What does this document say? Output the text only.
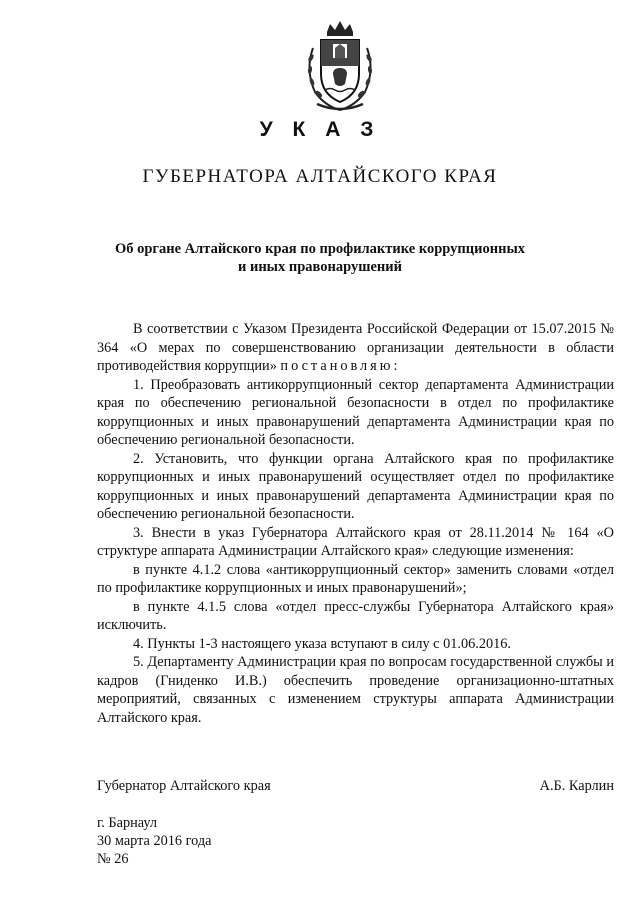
У К А З
ГУБЕРНАТОРА АЛТАЙСКОГО КРАЯ
Об органе Алтайского края по профилактике коррупционных
и иных правонарушений

В соответствии с Указом Президента Российской Федерации от 15.07.2015 № 364 «О мерах по совершенствованию организации деятельности в области противодействия коррупции» постановляю:

1. Преобразовать антикоррупционный сектор департамента Администрации края по обеспечению региональной безопасности в отдел по профилактике коррупционных и иных правонарушений департамента Администрации края по обеспечению региональной безопасности.

2. Установить, что функции органа Алтайского края по профилактике коррупционных и иных правонарушений осуществляет отдел по профилактике коррупционных и иных правонарушений департамента Администрации края по обеспечению региональной безопасности.

3. Внести в указ Губернатора Алтайского края от 28.11.2014 № 164 «О структуре аппарата Администрации Алтайского края» следующие изменения:

в пункте 4.1.2 слова «антикоррупционный сектор» заменить словами «отдел по профилактике коррупционных и иных правонарушений»;

в пункте 4.1.5 слова «отдел пресс-службы Губернатора Алтайского края» исключить.

4. Пункты 1-3 настоящего указа вступают в силу с 01.06.2016.

5. Департаменту Администрации края по вопросам государственной службы и кадров (Гниденко И.В.) обеспечить проведение организационно-штатных мероприятий, связанных с изменением структуры аппарата Администрации Алтайского края.

Губернатор Алтайского края	А.Б. Карлин
г. Барнаул
30 марта 2016 года
№ 26
